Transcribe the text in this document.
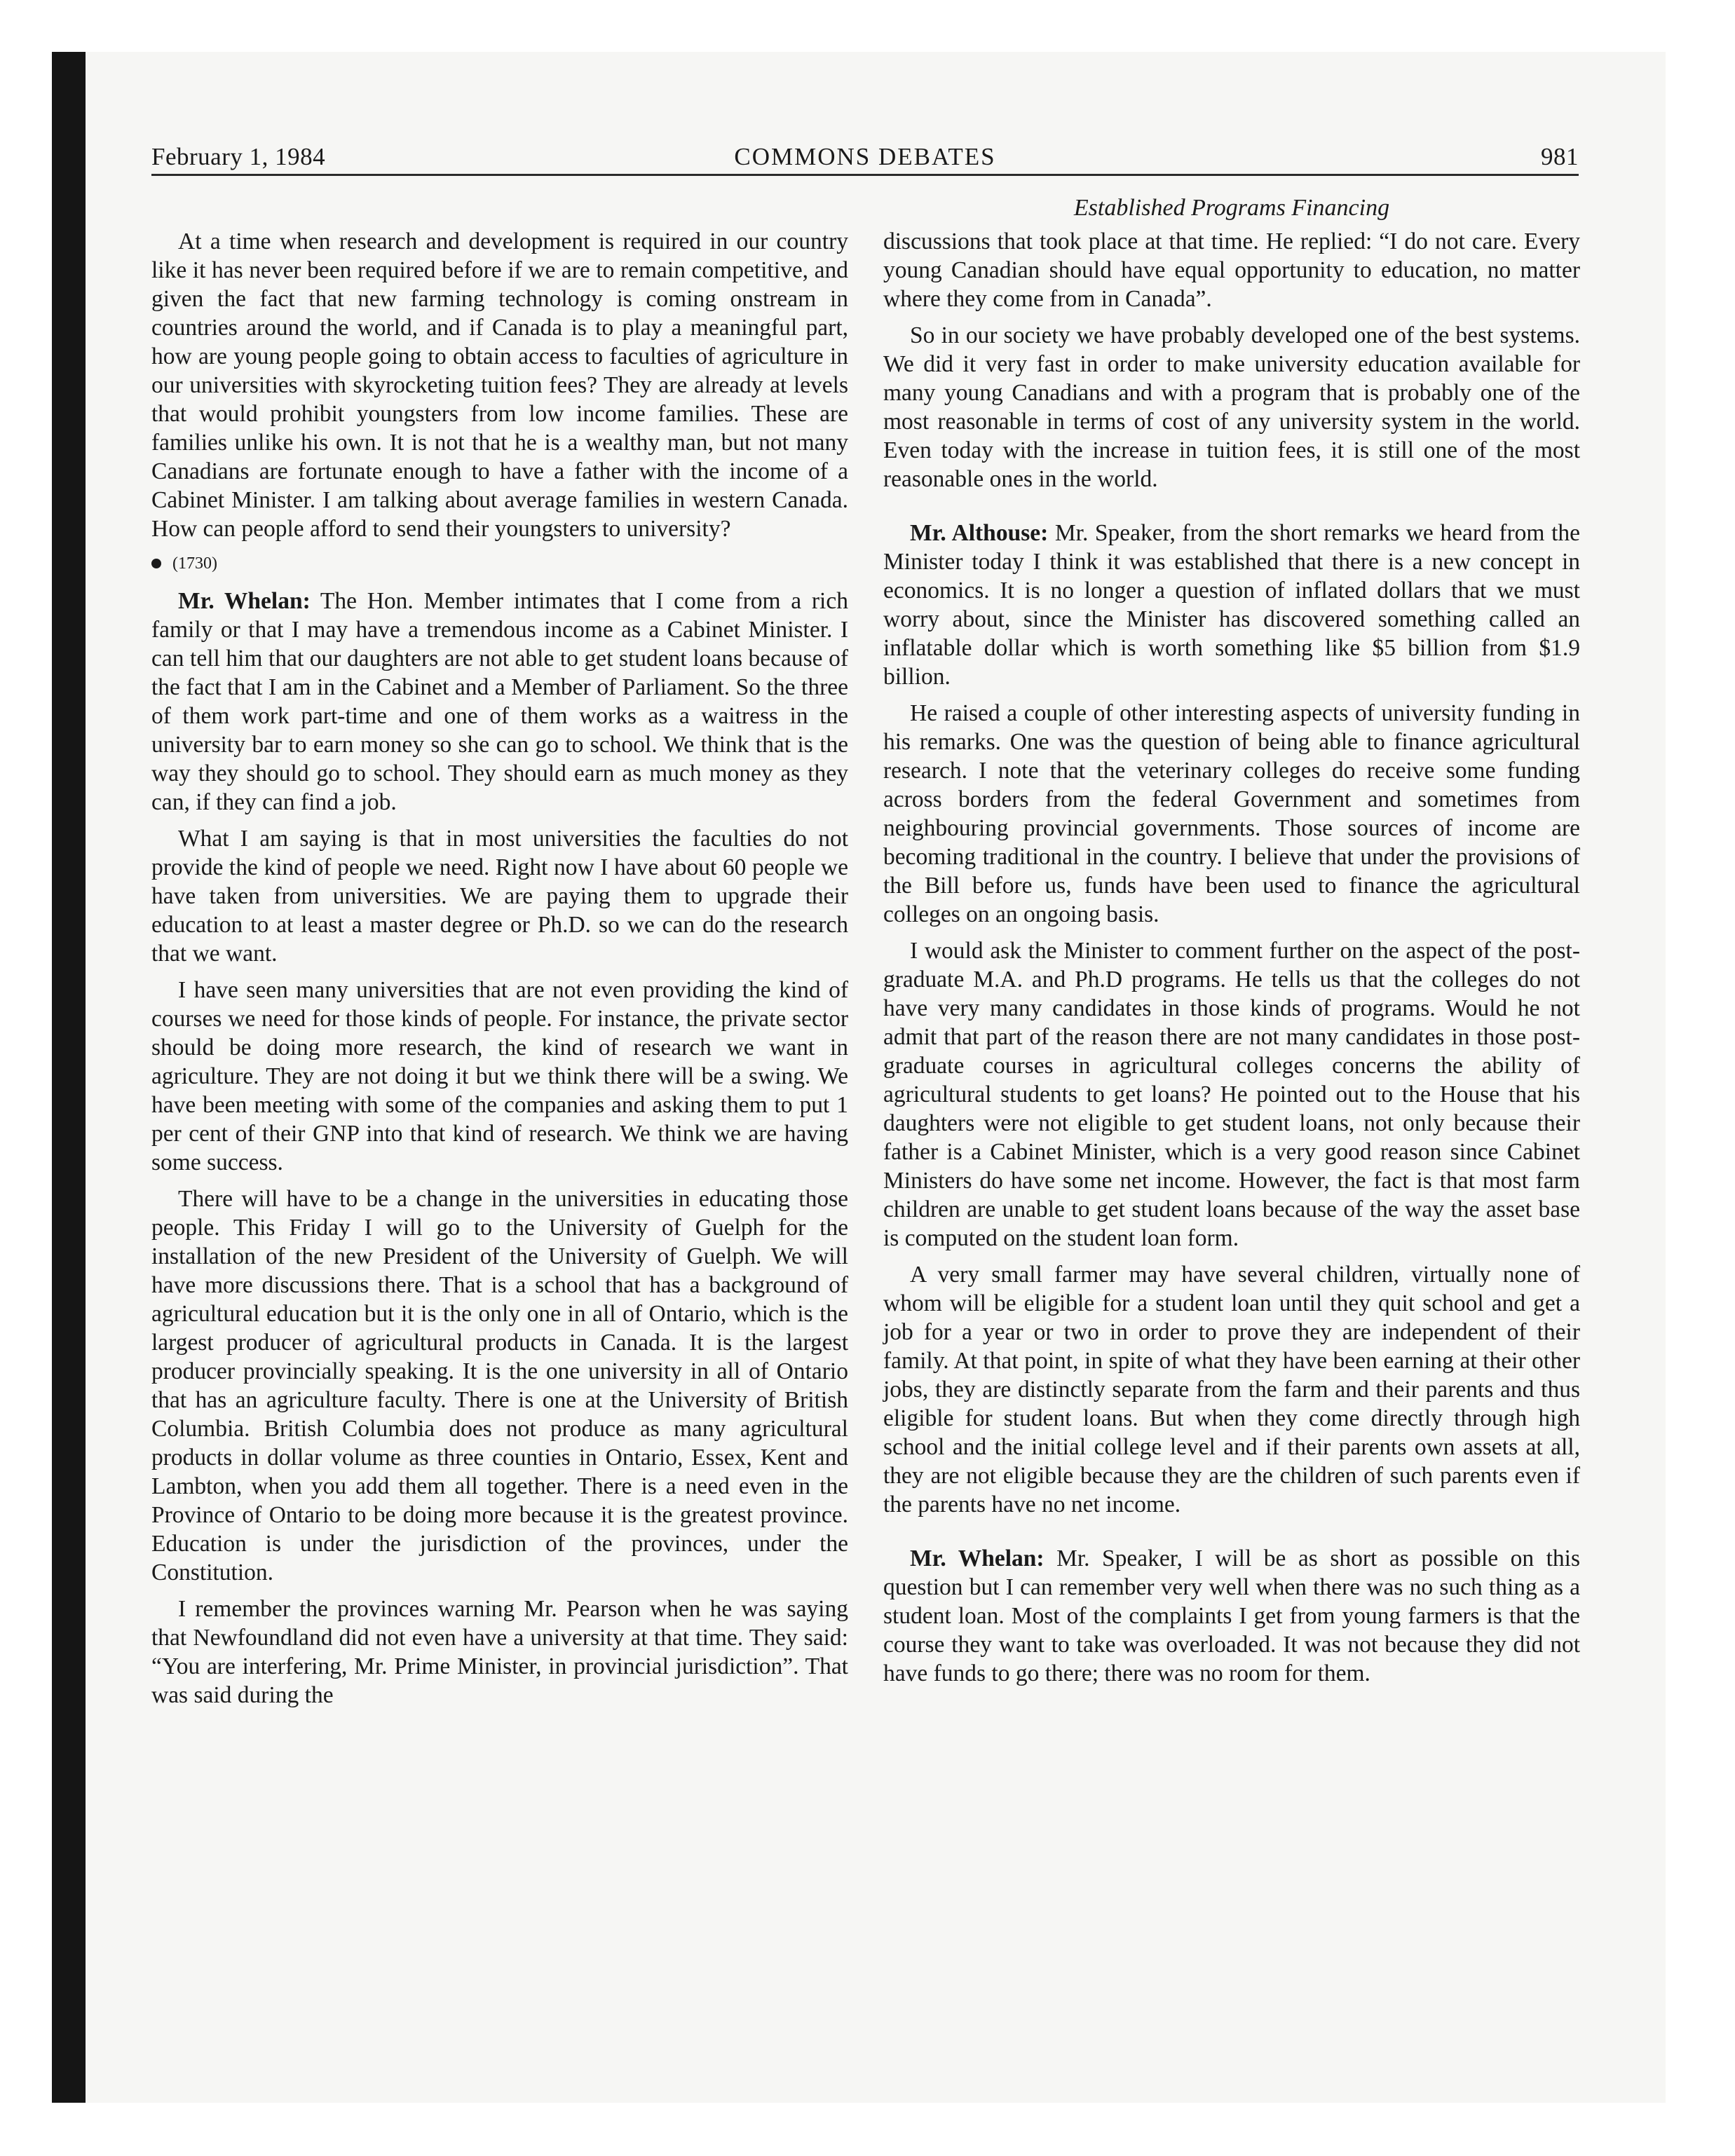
February 1, 1984	COMMONS DEBATES	981

At a time when research and development is required in our country like it has never been required before if we are to remain competitive, and given the fact that new farming technology is coming onstream in countries around the world, and if Canada is to play a meaningful part, how are young people going to obtain access to faculties of agriculture in our universities with skyrocketing tuition fees? They are already at levels that would prohibit youngsters from low income families. These are families unlike his own. It is not that he is a wealthy man, but not many Canadians are fortunate enough to have a father with the income of a Cabinet Minister. I am talking about average families in western Canada. How can people afford to send their youngsters to university?

(1730)

Mr. Whelan: The Hon. Member intimates that I come from a rich family or that I may have a tremendous income as a Cabinet Minister. I can tell him that our daughters are not able to get student loans because of the fact that I am in the Cabinet and a Member of Parliament. So the three of them work part-time and one of them works as a waitress in the university bar to earn money so she can go to school. We think that is the way they should go to school. They should earn as much money as they can, if they can find a job.

What I am saying is that in most universities the faculties do not provide the kind of people we need. Right now I have about 60 people we have taken from universities. We are paying them to upgrade their education to at least a master degree or Ph.D. so we can do the research that we want.

I have seen many universities that are not even providing the kind of courses we need for those kinds of people. For instance, the private sector should be doing more research, the kind of research we want in agriculture. They are not doing it but we think there will be a swing. We have been meeting with some of the companies and asking them to put 1 per cent of their GNP into that kind of research. We think we are having some success.

There will have to be a change in the universities in educating those people. This Friday I will go to the University of Guelph for the installation of the new President of the University of Guelph. We will have more discussions there. That is a school that has a background of agricultural education but it is the only one in all of Ontario, which is the largest producer of agricultural products in Canada. It is the largest producer provincially speaking. It is the one university in all of Ontario that has an agriculture faculty. There is one at the University of British Columbia. British Columbia does not produce as many agricultural products in dollar volume as three counties in Ontario, Essex, Kent and Lambton, when you add them all together. There is a need even in the Province of Ontario to be doing more because it is the greatest province. Education is under the jurisdiction of the provinces, under the Constitution.

I remember the provinces warning Mr. Pearson when he was saying that Newfoundland did not even have a university at that time. They said: “You are interfering, Mr. Prime Minister, in provincial jurisdiction”. That was said during the

Established Programs Financing

discussions that took place at that time. He replied: “I do not care. Every young Canadian should have equal opportunity to education, no matter where they come from in Canada”.

So in our society we have probably developed one of the best systems. We did it very fast in order to make university education available for many young Canadians and with a program that is probably one of the most reasonable in terms of cost of any university system in the world. Even today with the increase in tuition fees, it is still one of the most reasonable ones in the world.

Mr. Althouse: Mr. Speaker, from the short remarks we heard from the Minister today I think it was established that there is a new concept in economics. It is no longer a question of inflated dollars that we must worry about, since the Minister has discovered something called an inflatable dollar which is worth something like $5 billion from $1.9 billion.

He raised a couple of other interesting aspects of university funding in his remarks. One was the question of being able to finance agricultural research. I note that the veterinary colleges do receive some funding across borders from the federal Government and sometimes from neighbouring provincial governments. Those sources of income are becoming traditional in the country. I believe that under the provisions of the Bill before us, funds have been used to finance the agricultural colleges on an ongoing basis.

I would ask the Minister to comment further on the aspect of the post-graduate M.A. and Ph.D programs. He tells us that the colleges do not have very many candidates in those kinds of programs. Would he not admit that part of the reason there are not many candidates in those post-graduate courses in agricultural colleges concerns the ability of agricultural students to get loans? He pointed out to the House that his daughters were not eligible to get student loans, not only because their father is a Cabinet Minister, which is a very good reason since Cabinet Ministers do have some net income. However, the fact is that most farm children are unable to get student loans because of the way the asset base is computed on the student loan form.

A very small farmer may have several children, virtually none of whom will be eligible for a student loan until they quit school and get a job for a year or two in order to prove they are independent of their family. At that point, in spite of what they have been earning at their other jobs, they are distinctly separate from the farm and their parents and thus eligible for student loans. But when they come directly through high school and the initial college level and if their parents own assets at all, they are not eligible because they are the children of such parents even if the parents have no net income.

Mr. Whelan: Mr. Speaker, I will be as short as possible on this question but I can remember very well when there was no such thing as a student loan. Most of the complaints I get from young farmers is that the course they want to take was overloaded. It was not because they did not have funds to go there; there was no room for them.
